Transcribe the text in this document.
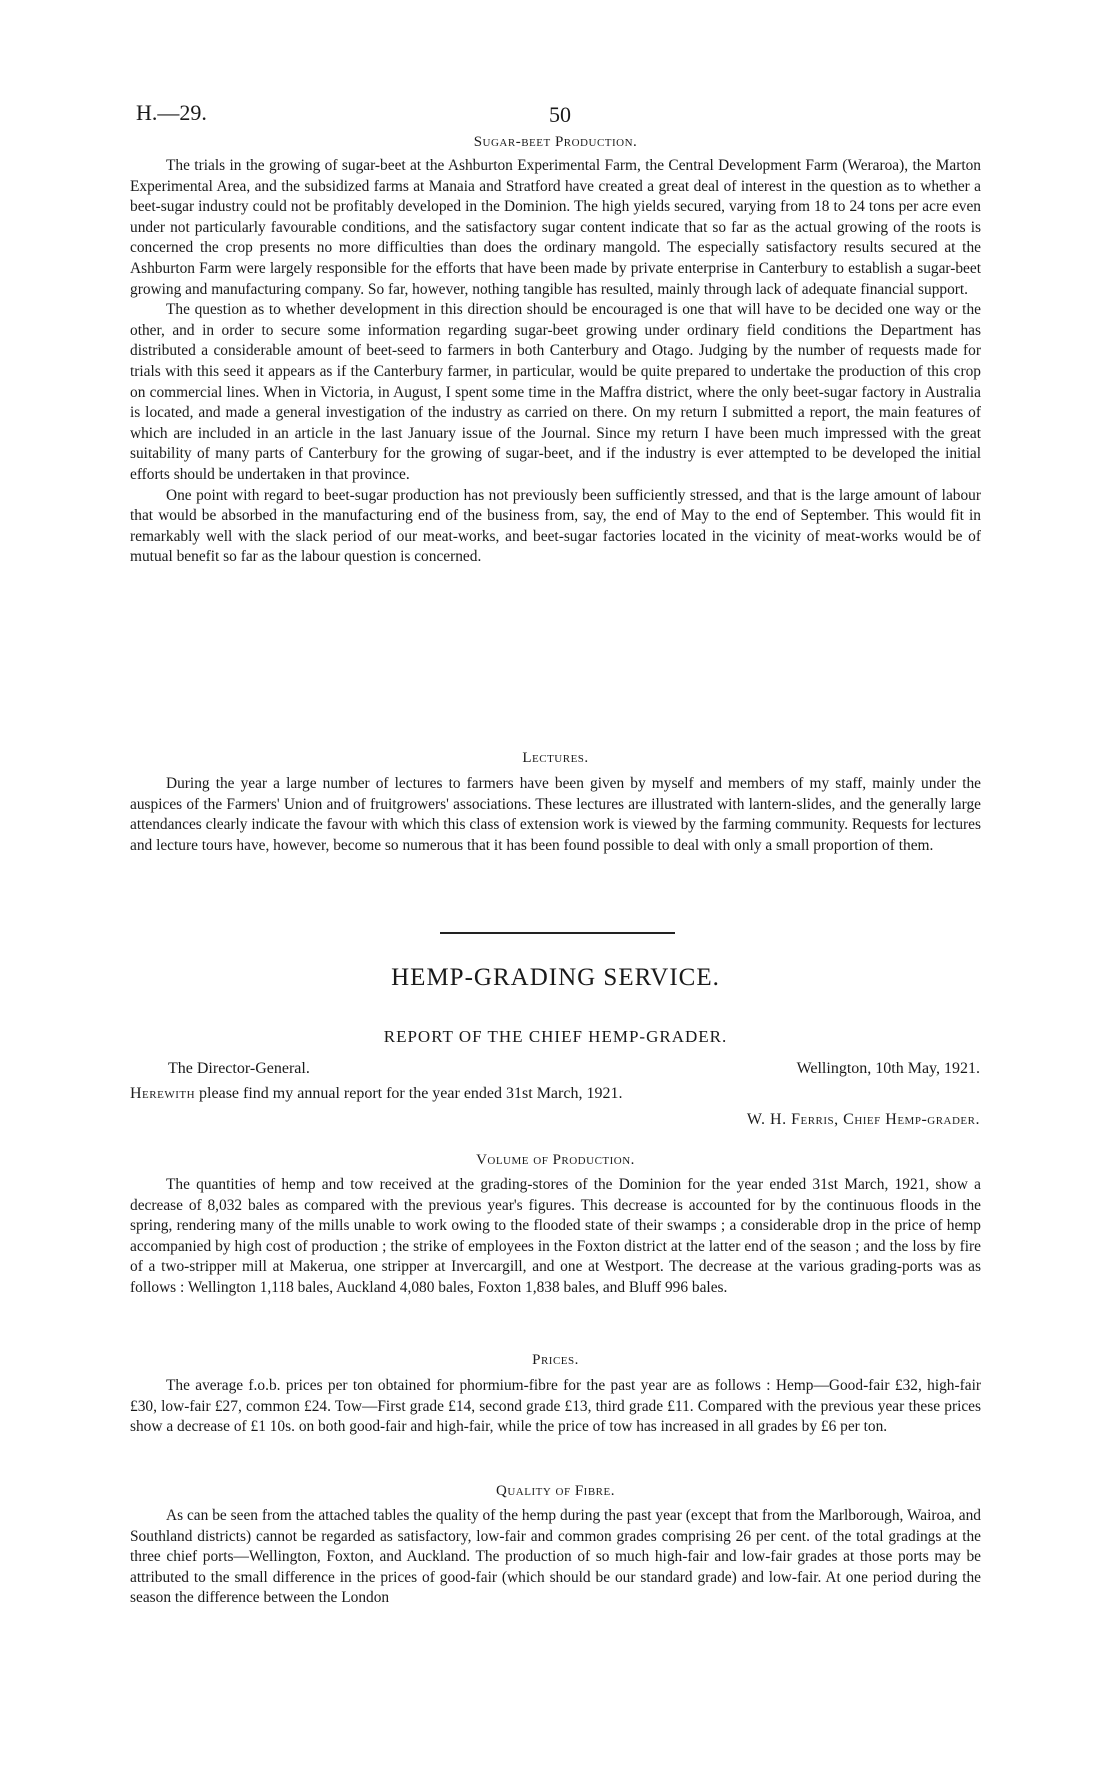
H.—29.	50
Sugar-beet Production.

The trials in the growing of sugar-beet at the Ashburton Experimental Farm, the Central Development Farm (Weraroa), the Marton Experimental Area, and the subsidized farms at Manaia and Stratford have created a great deal of interest in the question as to whether a beet-sugar industry could not be profitably developed in the Dominion. The high yields secured, varying from 18 to 24 tons per acre even under not particularly favourable conditions, and the satisfactory sugar content indicate that so far as the actual growing of the roots is concerned the crop presents no more difficulties than does the ordinary mangold. The especially satisfactory results secured at the Ashburton Farm were largely responsible for the efforts that have been made by private enterprise in Canterbury to establish a sugar-beet growing and manufacturing company. So far, however, nothing tangible has resulted, mainly through lack of adequate financial support.

The question as to whether development in this direction should be encouraged is one that will have to be decided one way or the other, and in order to secure some information regarding sugar-beet growing under ordinary field conditions the Department has distributed a considerable amount of beet-seed to farmers in both Canterbury and Otago. Judging by the number of requests made for trials with this seed it appears as if the Canterbury farmer, in particular, would be quite prepared to undertake the production of this crop on commercial lines. When in Victoria, in August, I spent some time in the Maffra district, where the only beet-sugar factory in Australia is located, and made a general investigation of the industry as carried on there. On my return I submitted a report, the main features of which are included in an article in the last January issue of the Journal. Since my return I have been much impressed with the great suitability of many parts of Canterbury for the growing of sugar-beet, and if the industry is ever attempted to be developed the initial efforts should be undertaken in that province.

One point with regard to beet-sugar production has not previously been sufficiently stressed, and that is the large amount of labour that would be absorbed in the manufacturing end of the business from, say, the end of May to the end of September. This would fit in remarkably well with the slack period of our meat-works, and beet-sugar factories located in the vicinity of meat-works would be of mutual benefit so far as the labour question is concerned.

Lectures.

During the year a large number of lectures to farmers have been given by myself and members of my staff, mainly under the auspices of the Farmers' Union and of fruitgrowers' associations. These lectures are illustrated with lantern-slides, and the generally large attendances clearly indicate the favour with which this class of extension work is viewed by the farming community. Requests for lectures and lecture tours have, however, become so numerous that it has been found possible to deal with only a small proportion of them.

HEMP-GRADING SERVICE.
REPORT OF THE CHIEF HEMP-GRADER.
The Director-General.	Wellington, 10th May, 1921.
Herewith please find my annual report for the year ended 31st March, 1921.
W. H. Ferris, Chief Hemp-grader.
Volume of Production.

The quantities of hemp and tow received at the grading-stores of the Dominion for the year ended 31st March, 1921, show a decrease of 8,032 bales as compared with the previous year's figures. This decrease is accounted for by the continuous floods in the spring, rendering many of the mills unable to work owing to the flooded state of their swamps ; a considerable drop in the price of hemp accompanied by high cost of production ; the strike of employees in the Foxton district at the latter end of the season ; and the loss by fire of a two-stripper mill at Makerua, one stripper at Invercargill, and one at Westport. The decrease at the various grading-ports was as follows : Wellington 1,118 bales, Auckland 4,080 bales, Foxton 1,838 bales, and Bluff 996 bales.

Prices.

The average f.o.b. prices per ton obtained for phormium-fibre for the past year are as follows : Hemp—Good-fair £32, high-fair £30, low-fair £27, common £24. Tow—First grade £14, second grade £13, third grade £11. Compared with the previous year these prices show a decrease of £1 10s. on both good-fair and high-fair, while the price of tow has increased in all grades by £6 per ton.

Quality of Fibre.

As can be seen from the attached tables the quality of the hemp during the past year (except that from the Marlborough, Wairoa, and Southland districts) cannot be regarded as satisfactory, low-fair and common grades comprising 26 per cent. of the total gradings at the three chief ports—Wellington, Foxton, and Auckland. The production of so much high-fair and low-fair grades at those ports may be attributed to the small difference in the prices of good-fair (which should be our standard grade) and low-fair. At one period during the season the difference between the London
